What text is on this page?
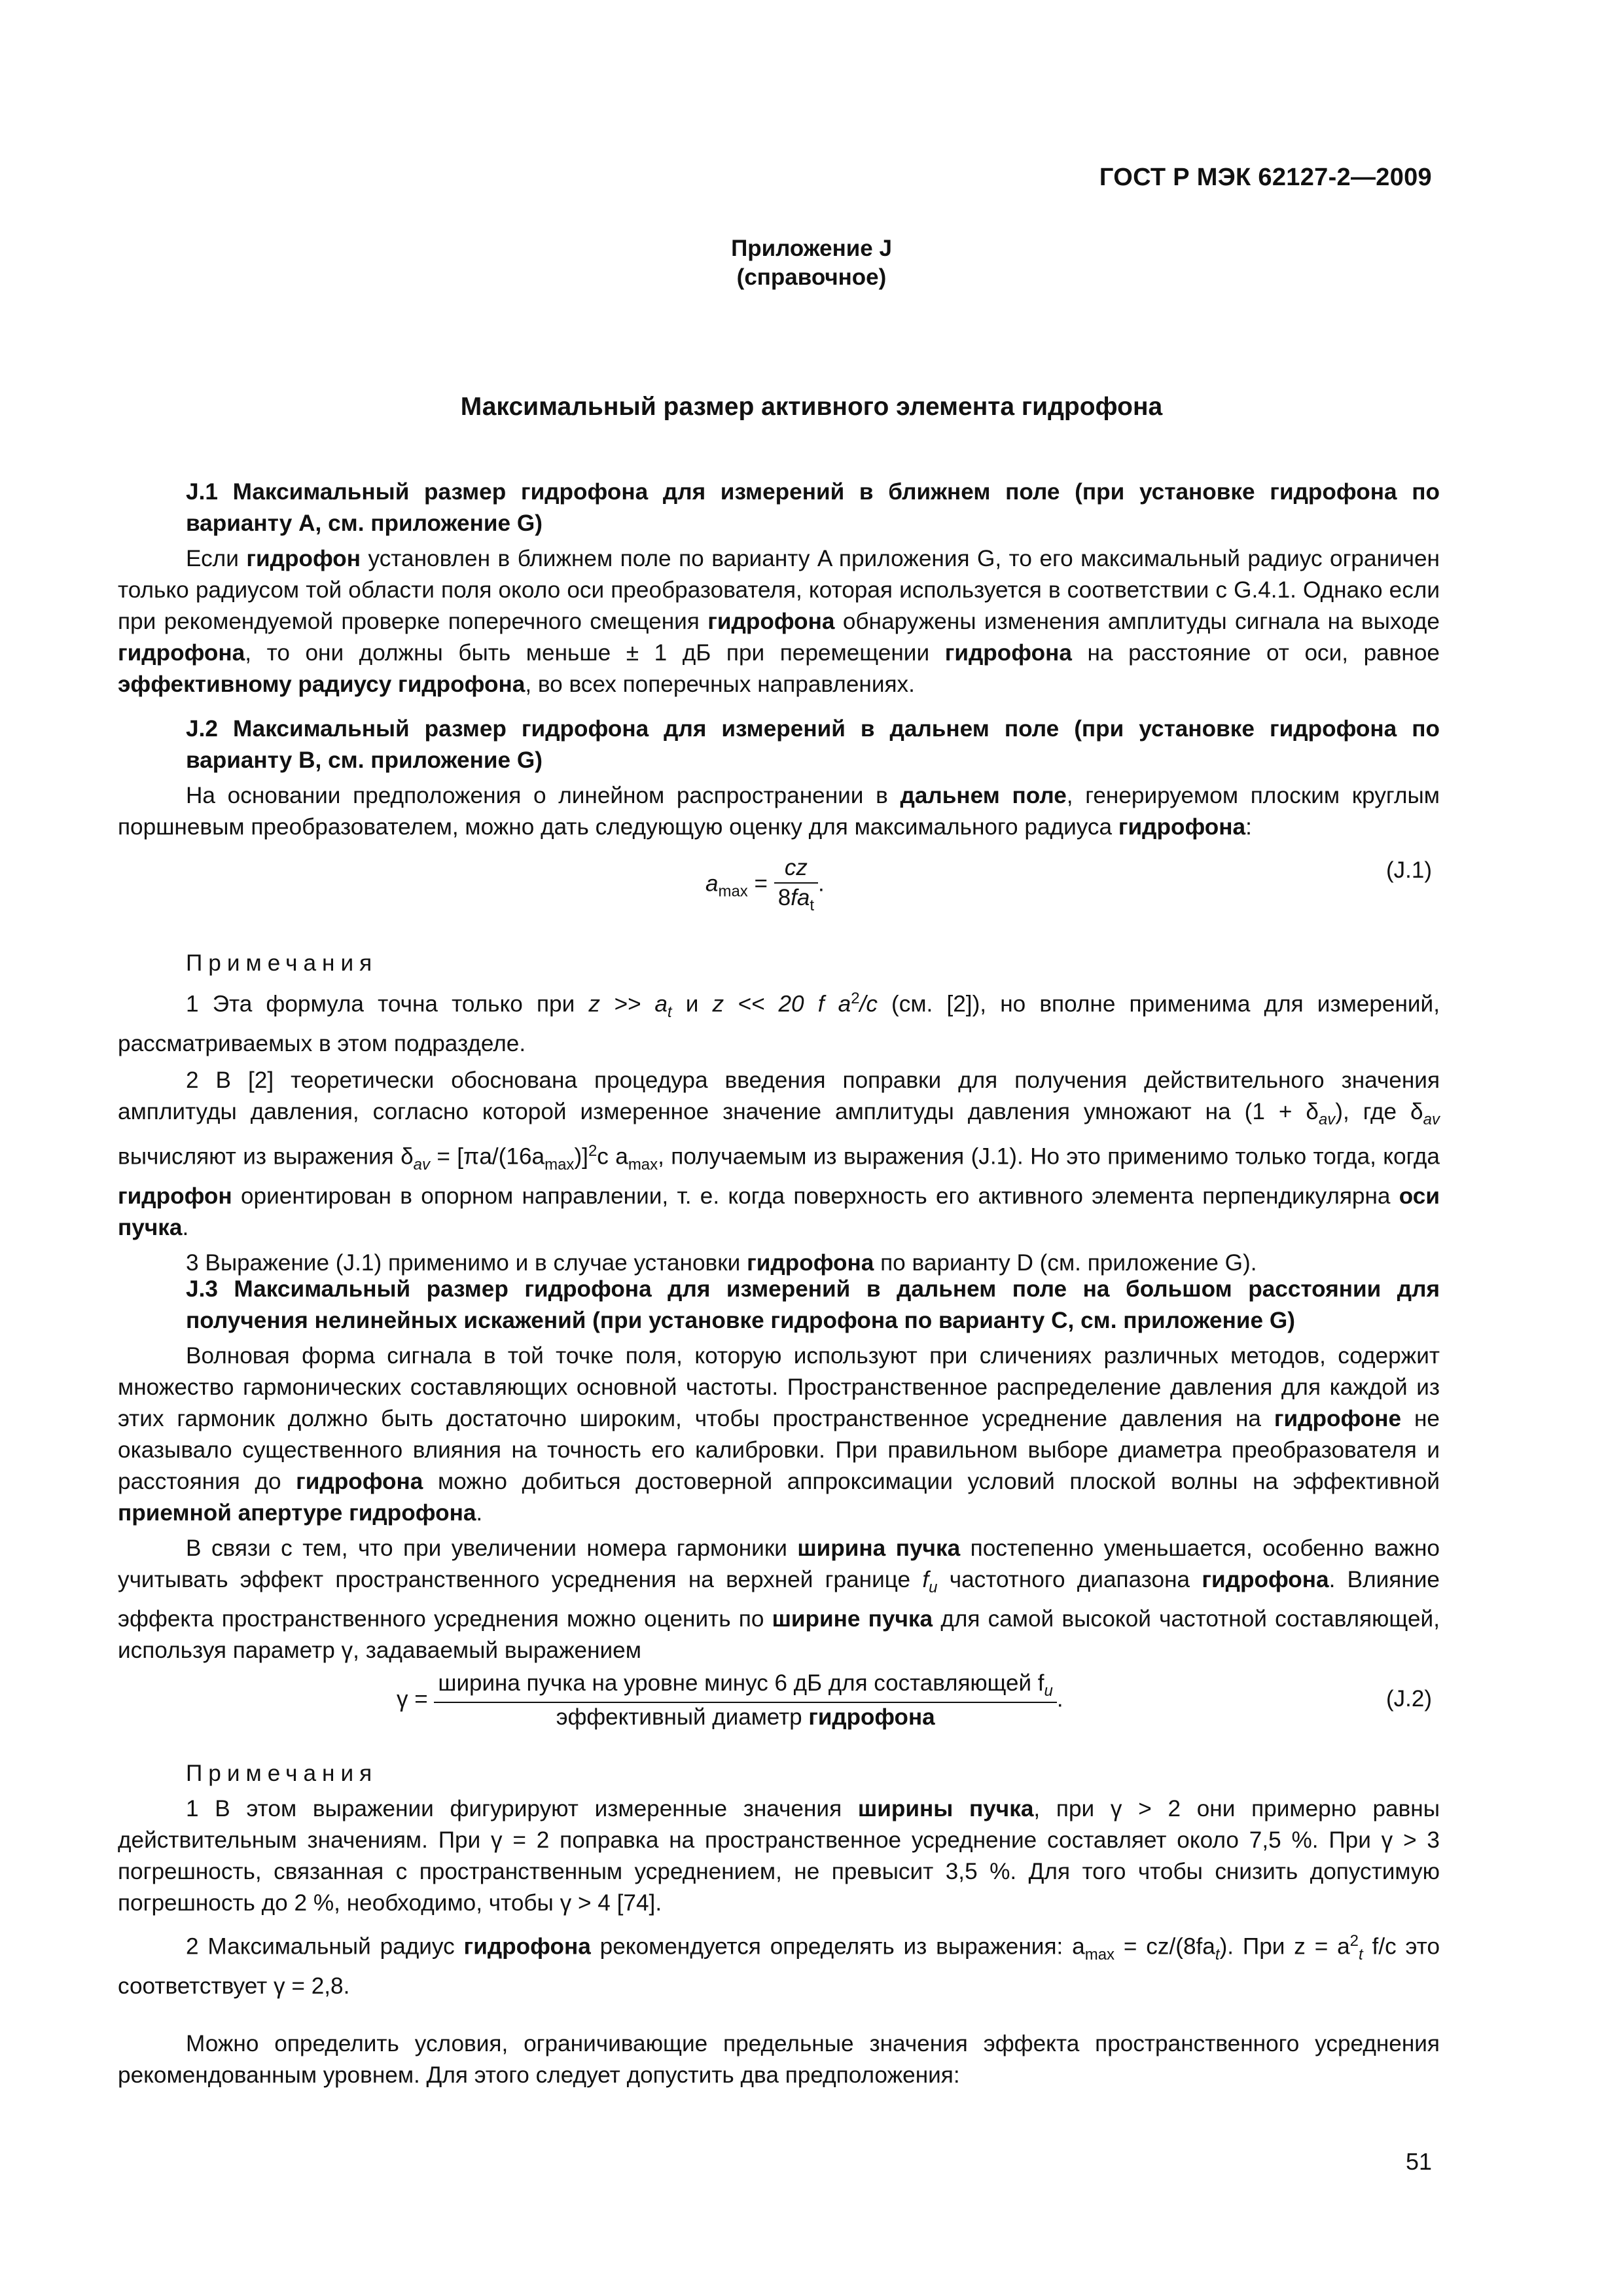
ГОСТ Р МЭК 62127-2—2009
Приложение J
(справочное)
Максимальный размер активного элемента гидрофона

J.1 Максимальный размер гидрофона для измерений в ближнем поле (при установке гидрофона по варианту A, см. приложение G)

Если гидрофон установлен в ближнем поле по варианту A приложения G, то его максимальный радиус ограничен только радиусом той области поля около оси преобразователя, которая используется в соответствии с G.4.1. Однако если при рекомендуемой проверке поперечного смещения гидрофона обнаружены изменения амплитуды сигнала на выходе гидрофона, то они должны быть меньше ± 1 дБ при перемещении гидрофона на расстояние от оси, равное эффективному радиусу гидрофона, во всех поперечных направлениях.

J.2 Максимальный размер гидрофона для измерений в дальнем поле (при установке гидрофона по варианту B, см. приложение G)

На основании предположения о линейном распространении в дальнем поле, генерируемом плоским круглым поршневым преобразователем, можно дать следующую оценку для максимального радиуса гидрофона:

$a_{max} = \frac{cz}{8fa_t}$ .
(J.1)

Примечания

1 Эта формула точна только при $z >> a_t$ и z << 20 f $a^2/c$ (см. [2]), но вполне применима для измерений, рассматриваемых в этом подразделе.

2 В [2] теоретически обоснована процедура введения поправки для получения действительного значения амплитуды давления, согласно которой измеренное значение амплитуды давления умножают на $(1 + \delta_{av})$, где $\delta_{av}$ вычисляют из выражения $\delta_{av} = [\pi a/(16a_{max})]^2c$ $a_{max}$, получаемым из выражения (J.1). Но это применимо только тогда, когда гидрофон ориентирован в опорном направлении, т. е. когда поверхность его активного элемента перпендикулярна оси пучка.

3 Выражение (J.1) применимо и в случае установки гидрофона по варианту D (см. приложение G).

J.3 Максимальный размер гидрофона для измерений в дальнем поле на большом расстоянии для получения нелинейных искажений (при установке гидрофона по варианту C, см. приложение G)

Волновая форма сигнала в той точке поля, которую используют при сличениях различных методов, содержит множество гармонических составляющих основной частоты. Пространственное распределение давления для каждой из этих гармоник должно быть достаточно широким, чтобы пространственное усреднение давления на гидрофоне не оказывало существенного влияния на точность его калибровки. При правильном выборе диаметра преобразователя и расстояния до гидрофона можно добиться достоверной аппроксимации условий плоской волны на эффективной приемной апертуре гидрофона.

В связи с тем, что при увеличении номера гармоники ширина пучка постепенно уменьшается, особенно важно учитывать эффект пространственного усреднения на верхней границе $f_u$ частотного диапазона гидрофона. Влияние эффекта пространственного усреднения можно оценить по ширине пучка для самой высокой частотной составляющей, используя параметр γ, задаваемый выражением

$\gamma = \frac{ширина пучка на уровне минус 6 дБ для составляющей f_u}{\text{эффективный диаметр гидрофона}}$ .	(J.2)

Примечания

1 В этом выражении фигурируют измеренные значения ширины пучка, при γ > 2 они примерно равны действительным значениям. При γ = 2 поправка на пространственное усреднение составляет около 7,5 %. При γ > 3 погрешность, связанная с пространственным усреднением, не превысит 3,5 %. Для того чтобы снизить допустимую погрешность до 2 %, необходимо, чтобы γ > 4 [74].

2 Максимальный радиус гидрофона рекомендуется определять из выражения: $a_{max} = cz/(8fa_t)$. При $z = a^2_t$ f/c это соответствует γ = 2,8.

Можно определить условия, ограничивающие предельные значения эффекта пространственного усреднения рекомендованным уровнем. Для этого следует допустить два предположения:

51
